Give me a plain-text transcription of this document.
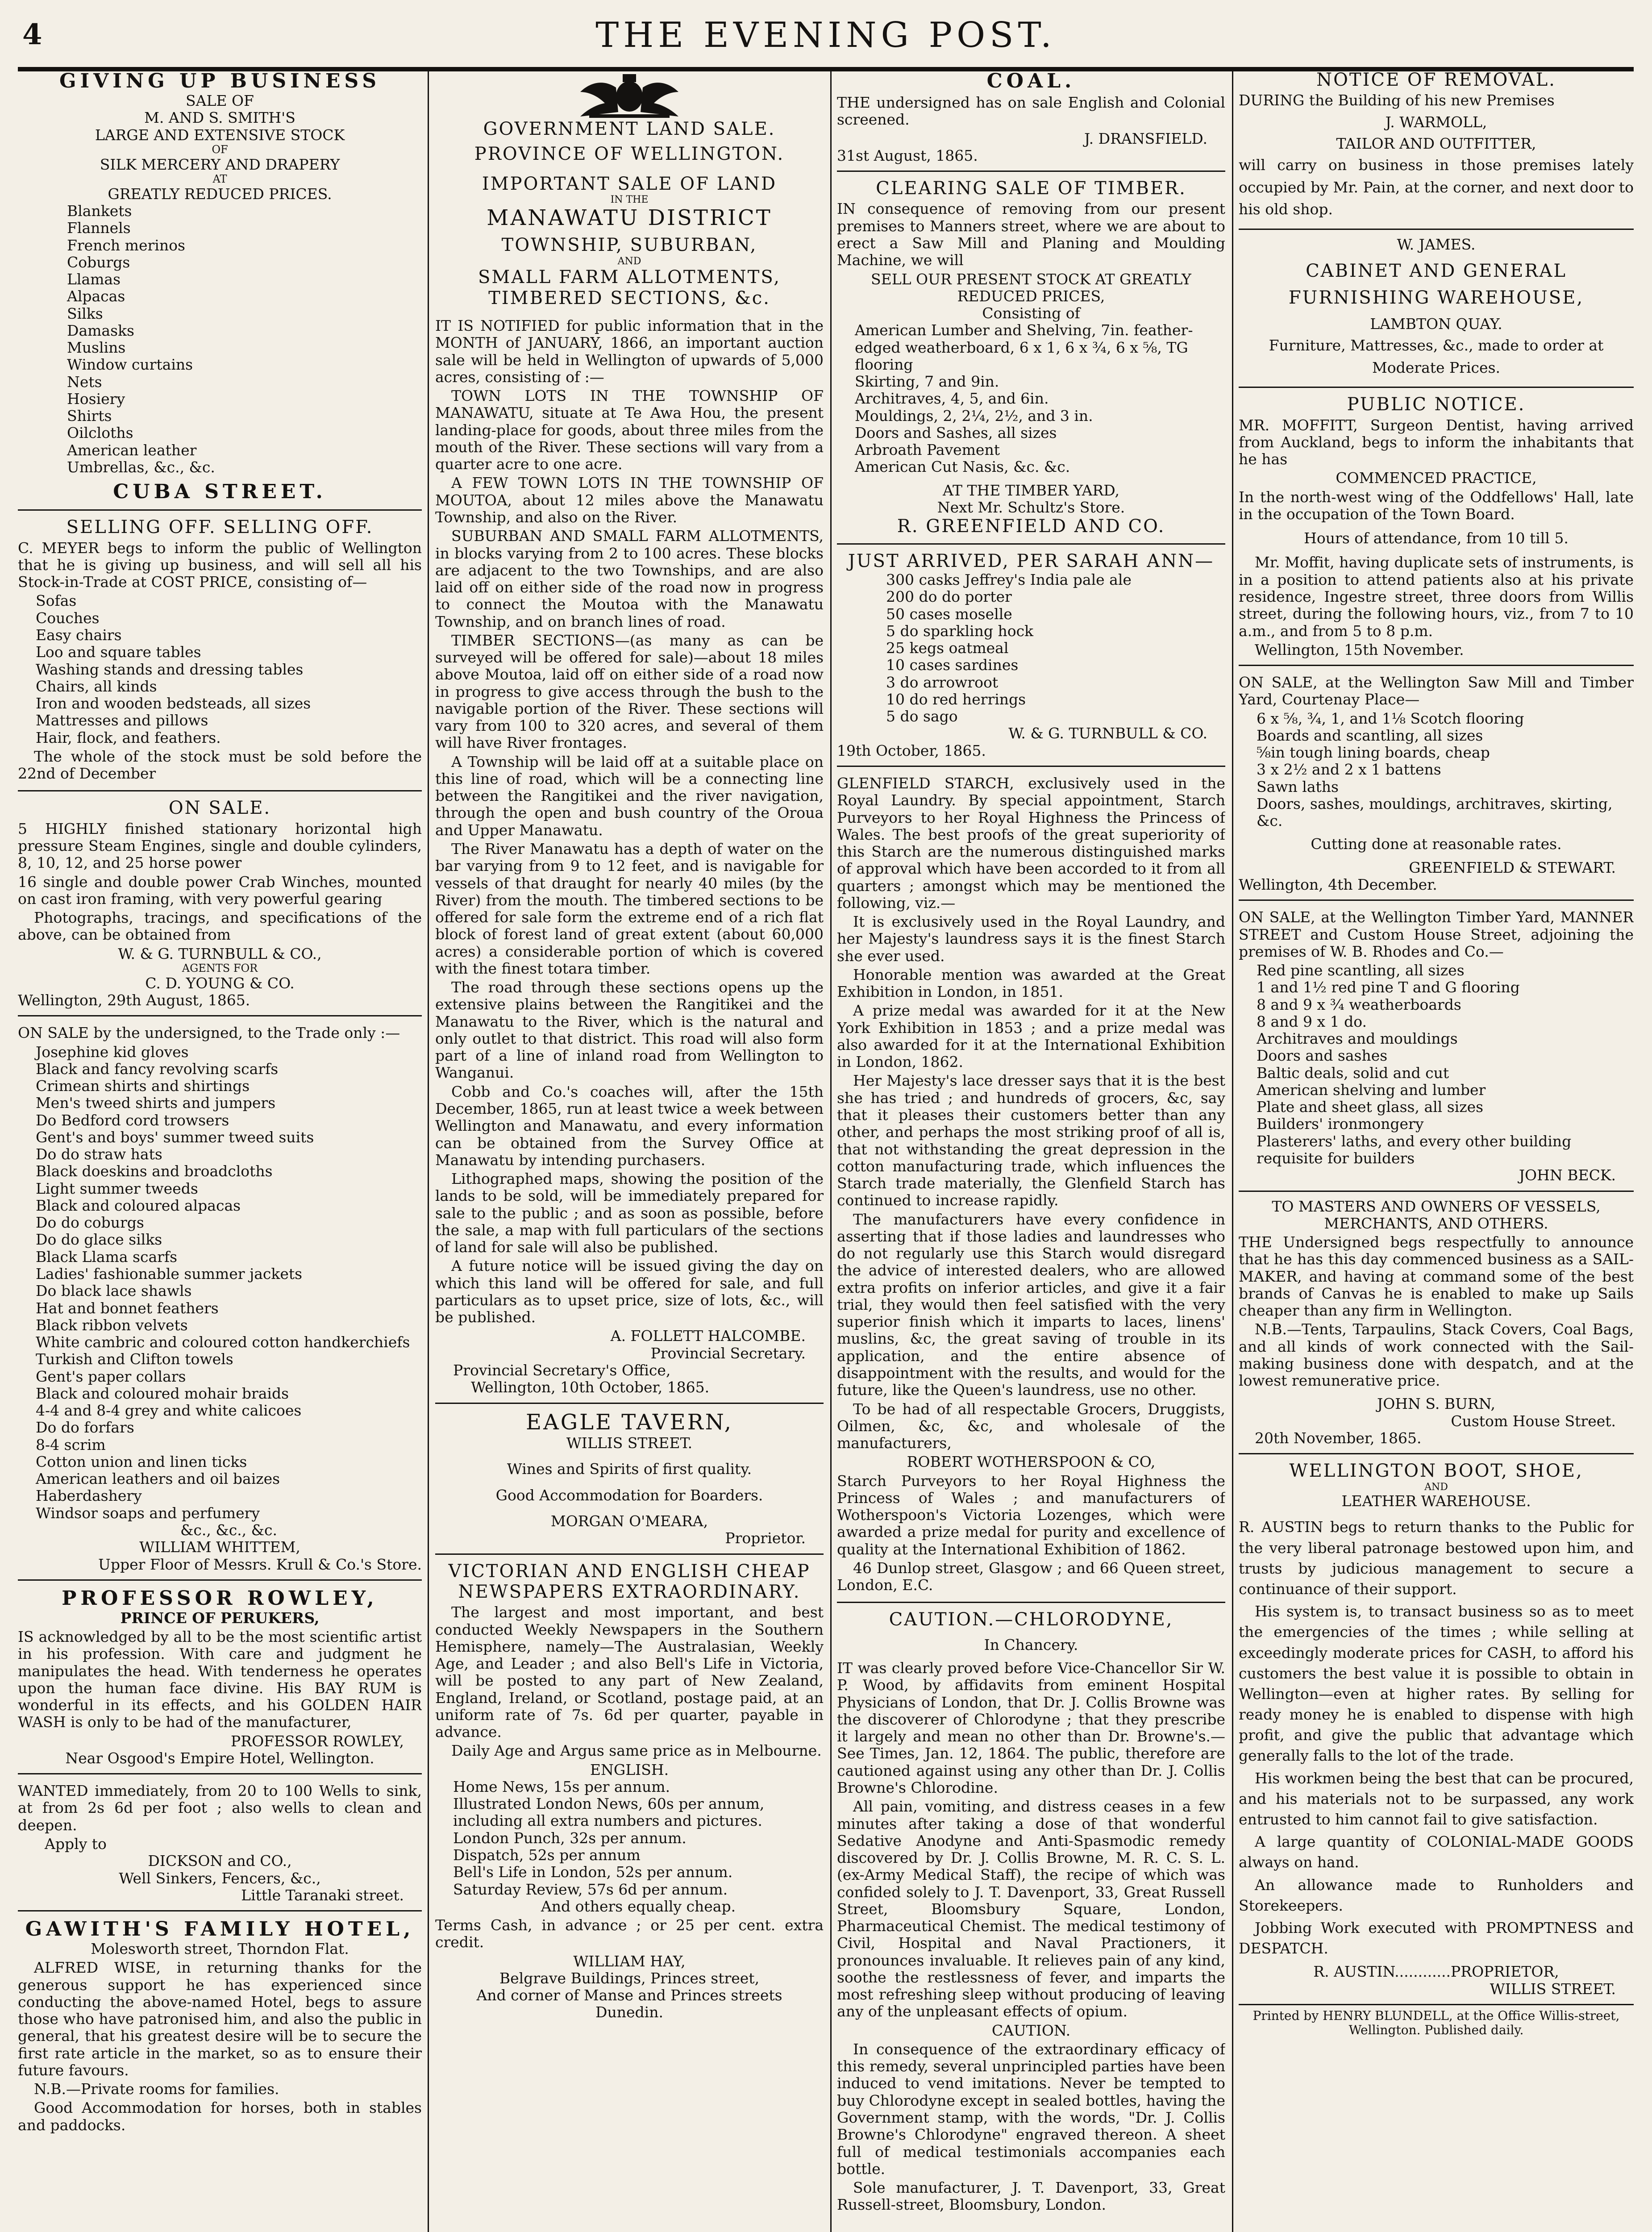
4	THE EVENING POST.
GIVING UP BUSINESS
SALE OF
M. AND S. SMITH'S
LARGE AND EXTENSIVE STOCK
OF
SILK MERCERY AND DRAPERY
AT
GREATLY REDUCED PRICES.
Blankets
Flannels
French merinos
Coburgs
Llamas
Alpacas
Silks
Damasks
Muslins
Window curtains
Nets
Hosiery
Shirts
Oilcloths
American leather
Umbrellas, &c., &c.
CUBA STREET.
SELLING OFF. SELLING OFF.

C. MEYER begs to inform the public of Wellington that he is giving up business, and will sell all his Stock-in-Trade at COST PRICE, consisting of—

Sofas
Couches
Easy chairs
Loo and square tables
Washing stands and dressing tables
Chairs, all kinds
Iron and wooden bedsteads, all sizes
Mattresses and pillows
Hair, flock, and feathers.

The whole of the stock must be sold before the 22nd of December

ON SALE.

5 HIGHLY finished stationary horizontal high pressure Steam Engines, single and double cylinders, 8, 10, 12, and 25 horse power

16 single and double power Crab Winches, mounted on cast iron framing, with very powerful gearing

Photographs, tracings, and specifications of the above, can be obtained from

W. & G. TURNBULL & CO.,
AGENTS FOR
C. D. YOUNG & CO.
Wellington, 29th August, 1865.

ON SALE by the undersigned, to the Trade only :—

Josephine kid gloves
Black and fancy revolving scarfs
Crimean shirts and shirtings
Men's tweed shirts and jumpers
Do Bedford cord trowsers
Gent's and boys' summer tweed suits
Do do straw hats
Black doeskins and broadcloths
Light summer tweeds
Black and coloured alpacas
Do do coburgs
Do do glace silks
Black Llama scarfs
Ladies' fashionable summer jackets
Do black lace shawls
Hat and bonnet feathers
Black ribbon velvets
White cambric and coloured cotton handkerchiefs
Turkish and Clifton towels
Gent's paper collars
Black and coloured mohair braids
4-4 and 8-4 grey and white calicoes
Do do forfars
8-4 scrim
Cotton union and linen ticks
American leathers and oil baizes
Haberdashery
Windsor soaps and perfumery
&c., &c., &c.
WILLIAM WHITTEM,
Upper Floor of Messrs. Krull & Co.'s Store.
PROFESSOR ROWLEY,
PRINCE OF PERUKERS,

IS acknowledged by all to be the most scientific artist in his profession. With care and judgment he manipulates the head. With tenderness he operates upon the human face divine. His BAY RUM is wonderful in its effects, and his GOLDEN HAIR WASH is only to be had of the manufacturer,

PROFESSOR ROWLEY,
Near Osgood's Empire Hotel, Wellington.

WANTED immediately, from 20 to 100 Wells to sink, at from 2s 6d per foot ; also wells to clean and deepen.

Apply to
DICKSON and CO.,
Well Sinkers, Fencers, &c.,
Little Taranaki street.
GAWITH'S FAMILY HOTEL,
Molesworth street, Thorndon Flat.

ALFRED WISE, in returning thanks for the generous support he has experienced since conducting the above-named Hotel, begs to assure those who have patronised him, and also the public in general, that his greatest desire will be to secure the first rate article in the market, so as to ensure their future favours.

N.B.—Private rooms for families.

Good Accommodation for horses, both in stables and paddocks.

GOVERNMENT LAND SALE.
PROVINCE OF WELLINGTON.
IMPORTANT SALE OF LAND
IN THE
MANAWATU DISTRICT
TOWNSHIP, SUBURBAN,
AND
SMALL FARM ALLOTMENTS, TIMBERED SECTIONS, &c.

IT IS NOTIFIED for public information that in the MONTH of JANUARY, 1866, an important auction sale will be held in Wellington of upwards of 5,000 acres, consisting of :—

TOWN LOTS IN THE TOWNSHIP OF MANAWATU, situate at Te Awa Hou, the present landing-place for goods, about three miles from the mouth of the River. These sections will vary from a quarter acre to one acre.

A FEW TOWN LOTS IN THE TOWNSHIP OF MOUTOA, about 12 miles above the Manawatu Township, and also on the River.

SUBURBAN AND SMALL FARM ALLOTMENTS, in blocks varying from 2 to 100 acres. These blocks are adjacent to the two Townships, and are also laid off on either side of the road now in progress to connect the Moutoa with the Manawatu Township, and on branch lines of road.

TIMBER SECTIONS—(as many as can be surveyed will be offered for sale)—about 18 miles above Moutoa, laid off on either side of a road now in progress to give access through the bush to the navigable portion of the River. These sections will vary from 100 to 320 acres, and several of them will have River frontages.

A Township will be laid off at a suitable place on this line of road, which will be a connecting line between the Rangitikei and the river navigation, through the open and bush country of the Oroua and Upper Manawatu.

The River Manawatu has a depth of water on the bar varying from 9 to 12 feet, and is navigable for vessels of that draught for nearly 40 miles (by the River) from the mouth. The timbered sections to be offered for sale form the extreme end of a rich flat block of forest land of great extent (about 60,000 acres) a considerable portion of which is covered with the finest totara timber.

The road through these sections opens up the extensive plains between the Rangitikei and the Manawatu to the River, which is the natural and only outlet to that district. This road will also form part of a line of inland road from Wellington to Wanganui.

Cobb and Co.'s coaches will, after the 15th December, 1865, run at least twice a week between Wellington and Manawatu, and every information can be obtained from the Survey Office at Manawatu by intending purchasers.

Lithographed maps, showing the position of the lands to be sold, will be immediately prepared for sale to the public ; and as soon as possible, before the sale, a map with full particulars of the sections of land for sale will also be published.

A future notice will be issued giving the day on which this land will be offered for sale, and full particulars as to upset price, size of lots, &c., will be published.

A. FOLLETT HALCOMBE.
Provincial Secretary.
Provincial Secretary's Office,
Wellington, 10th October, 1865.
EAGLE TAVERN,
WILLIS STREET.
Wines and Spirits of first quality.
Good Accommodation for Boarders.
MORGAN O'MEARA,
Proprietor.
VICTORIAN AND ENGLISH CHEAP NEWSPAPERS EXTRAORDINARY.

The largest and most important, and best conducted Weekly Newspapers in the Southern Hemisphere, namely—The Australasian, Weekly Age, and Leader ; and also Bell's Life in Victoria, will be posted to any part of New Zealand, England, Ireland, or Scotland, postage paid, at an uniform rate of 7s. 6d per quarter, payable in advance.

Daily Age and Argus same price as in Melbourne.

ENGLISH.
Home News, 15s per annum.
Illustrated London News, 60s per annum, including all extra numbers and pictures.
London Punch, 32s per annum.
Dispatch, 52s per annum
Bell's Life in London, 52s per annum.
Saturday Review, 57s 6d per annum.
And others equally cheap.

Terms Cash, in advance ; or 25 per cent. extra credit.

WILLIAM HAY,
Belgrave Buildings, Princes street,
And corner of Manse and Princes streets
Dunedin.
COAL.

THE undersigned has on sale English and Colonial screened.

J. DRANSFIELD.
31st August, 1865.
CLEARING SALE OF TIMBER.

IN consequence of removing from our present premises to Manners street, where we are about to erect a Saw Mill and Planing and Moulding Machine, we will

SELL OUR PRESENT STOCK AT GREATLY REDUCED PRICES,
Consisting of
American Lumber and Shelving, 7in. feather-edged weatherboard, 6 x 1, 6 x ¾, 6 x ⅝, TG flooring
Skirting, 7 and 9in.
Architraves, 4, 5, and 6in.
Mouldings, 2, 2¼, 2½, and 3 in.
Doors and Sashes, all sizes
Arbroath Pavement
American Cut Nasis, &c. &c.
AT THE TIMBER YARD,
Next Mr. Schultz's Store.
R. GREENFIELD AND CO.
JUST ARRIVED, PER SARAH ANN—
300 casks Jeffrey's India pale ale
200 do do porter
50 cases moselle
5 do sparkling hock
25 kegs oatmeal
10 cases sardines
3 do arrowroot
10 do red herrings
5 do sago
W. & G. TURNBULL & CO.
19th October, 1865.

GLENFIELD STARCH, exclusively used in the Royal Laundry. By special appointment, Starch Purveyors to her Royal Highness the Princess of Wales. The best proofs of the great superiority of this Starch are the numerous distinguished marks of approval which have been accorded to it from all quarters ; amongst which may be mentioned the following, viz.—

It is exclusively used in the Royal Laundry, and her Majesty's laundress says it is the finest Starch she ever used.

Honorable mention was awarded at the Great Exhibition in London, in 1851.

A prize medal was awarded for it at the New York Exhibition in 1853 ; and a prize medal was also awarded for it at the International Exhibition in London, 1862.

Her Majesty's lace dresser says that it is the best she has tried ; and hundreds of grocers, &c, say that it pleases their customers better than any other, and perhaps the most striking proof of all is, that not withstanding the great depression in the cotton manufacturing trade, which influences the Starch trade materially, the Glenfield Starch has continued to increase rapidly.

The manufacturers have every confidence in asserting that if those ladies and laundresses who do not regularly use this Starch would disregard the advice of interested dealers, who are allowed extra profits on inferior articles, and give it a fair trial, they would then feel satisfied with the very superior finish which it imparts to laces, linens' muslins, &c, the great saving of trouble in its application, and the entire absence of disappointment with the results, and would for the future, like the Queen's laundress, use no other.

To be had of all respectable Grocers, Druggists, Oilmen, &c, &c, and wholesale of the manufacturers,

ROBERT WOTHERSPOON & CO,

Starch Purveyors to her Royal Highness the Princess of Wales ; and manufacturers of Wotherspoon's Victoria Lozenges, which were awarded a prize medal for purity and excellence of quality at the International Exhibition of 1862.

46 Dunlop street, Glasgow ; and 66 Queen street, London, E.C.

CAUTION.—CHLORODYNE,
In Chancery.

IT was clearly proved before Vice-Chancellor Sir W. P. Wood, by affidavits from eminent Hospital Physicians of London, that Dr. J. Collis Browne was the discoverer of Chlorodyne ; that they prescribe it largely and mean no other than Dr. Browne's.—See Times, Jan. 12, 1864. The public, therefore are cautioned against using any other than Dr. J. Collis Browne's Chlorodine.

All pain, vomiting, and distress ceases in a few minutes after taking a dose of that wonderful Sedative Anodyne and Anti-Spasmodic remedy discovered by Dr. J. Collis Browne, M. R. C. S. L. (ex-Army Medical Staff), the recipe of which was confided solely to J. T. Davenport, 33, Great Russell Street, Bloomsbury Square, London, Pharmaceutical Chemist. The medical testimony of Civil, Hospital and Naval Practioners, it pronounces invaluable. It relieves pain of any kind, soothe the restlessness of fever, and imparts the most refreshing sleep without producing of leaving any of the unpleasant effects of opium.

CAUTION.

In consequence of the extraordinary efficacy of this remedy, several unprincipled parties have been induced to vend imitations. Never be tempted to buy Chlorodyne except in sealed bottles, having the Government stamp, with the words, "Dr. J. Collis Browne's Chlorodyne" engraved thereon. A sheet full of medical testimonials accompanies each bottle.

Sole manufacturer, J. T. Davenport, 33, Great Russell-street, Bloomsbury, London.

NOTICE OF REMOVAL.

DURING the Building of his new Premises

J. WARMOLL,
TAILOR AND OUTFITTER,

will carry on business in those premises lately occupied by Mr. Pain, at the corner, and next door to his old shop.

W. JAMES.
CABINET AND GENERAL FURNISHING WAREHOUSE,
LAMBTON QUAY.

Furniture, Mattresses, &c., made to order at Moderate Prices.

PUBLIC NOTICE.

MR. MOFFITT, Surgeon Dentist, having arrived from Auckland, begs to inform the inhabitants that he has

COMMENCED PRACTICE,

In the north-west wing of the Oddfellows' Hall, late in the occupation of the Town Board.

Hours of attendance, from 10 till 5.

Mr. Moffit, having duplicate sets of instruments, is in a position to attend patients also at his private residence, Ingestre street, three doors from Willis street, during the following hours, viz., from 7 to 10 a.m., and from 5 to 8 p.m.

Wellington, 15th November.

ON SALE, at the Wellington Saw Mill and Timber Yard, Courtenay Place—

6 x ⅝, ¾, 1, and 1⅛ Scotch flooring
Boards and scantling, all sizes
⅝in tough lining boards, cheap
3 x 2½ and 2 x 1 battens
Sawn laths
Doors, sashes, mouldings, architraves, skirting, &c.
Cutting done at reasonable rates.
GREENFIELD & STEWART.
Wellington, 4th December.

ON SALE, at the Wellington Timber Yard, MANNER STREET and Custom House Street, adjoining the premises of W. B. Rhodes and Co.—

Red pine scantling, all sizes
1 and 1½ red pine T and G flooring
8 and 9 x ¾ weatherboards
8 and 9 x 1 do.
Architraves and mouldings
Doors and sashes
Baltic deals, solid and cut
American shelving and lumber
Plate and sheet glass, all sizes
Builders' ironmongery
Plasterers' laths, and every other building requisite for builders
JOHN BECK.
TO MASTERS AND OWNERS OF VESSELS, MERCHANTS, AND OTHERS.

THE Undersigned begs respectfully to announce that he has this day commenced business as a SAIL-MAKER, and having at command some of the best brands of Canvas he is enabled to make up Sails cheaper than any firm in Wellington.

N.B.—Tents, Tarpaulins, Stack Covers, Coal Bags, and all kinds of work connected with the Sail-making business done with despatch, and at the lowest remunerative price.

JOHN S. BURN,
Custom House Street.
20th November, 1865.
WELLINGTON BOOT, SHOE,
AND
LEATHER WAREHOUSE.

R. AUSTIN begs to return thanks to the Public for the very liberal patronage bestowed upon him, and trusts by judicious management to secure a continuance of their support.

His system is, to transact business so as to meet the emergencies of the times ; while selling at exceedingly moderate prices for CASH, to afford his customers the best value it is possible to obtain in Wellington—even at higher rates. By selling for ready money he is enabled to dispense with high profit, and give the public that advantage which generally falls to the lot of the trade.

His workmen being the best that can be procured, and his materials not to be surpassed, any work entrusted to him cannot fail to give satisfaction.

A large quantity of COLONIAL-MADE GOODS always on hand.

An allowance made to Runholders and Storekeepers.

Jobbing Work executed with PROMPTNESS and DESPATCH.

R. AUSTIN............PROPRIETOR,
WILLIS STREET.
Printed by HENRY BLUNDELL, at the Office Willis-street, Wellington. Published daily.
